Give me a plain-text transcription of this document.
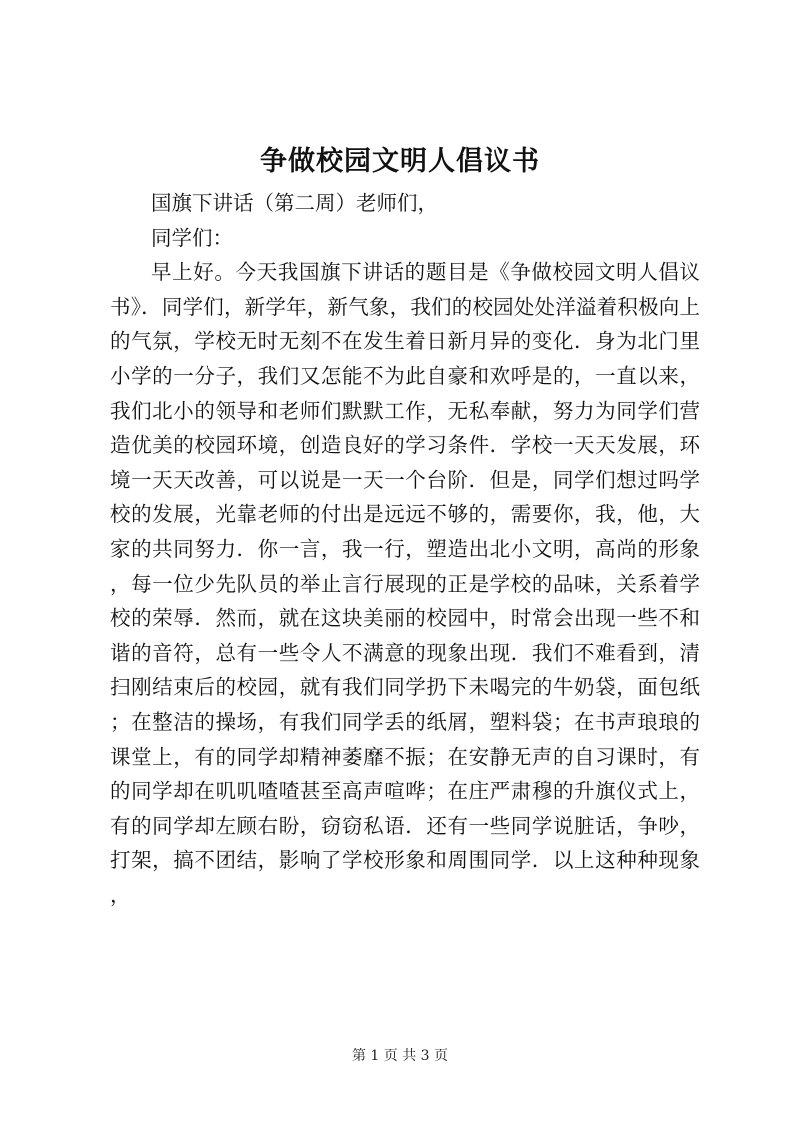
争做校园文明人倡议书

国旗下讲话（第二周）老师们，

同学们：

早上好。今天我国旗下讲话的题目是《争做校园文明人倡议书》．同学们，新学年，新气象，我们的校园处处洋溢着积极向上的气氛，学校无时无刻不在发生着日新月异的变化．身为北门里小学的一分子，我们又怎能不为此自豪和欢呼是的，一直以来，我们北小的领导和老师们默默工作，无私奉献，努力为同学们营造优美的校园环境，创造良好的学习条件．学校一天天发展，环境一天天改善，可以说是一天一个台阶．但是，同学们想过吗学校的发展，光靠老师的付出是远远不够的，需要你，我，他，大家的共同努力．你一言，我一行，塑造出北小文明，高尚的形象，每一位少先队员的举止言行展现的正是学校的品味，关系着学校的荣辱．然而，就在这块美丽的校园中，时常会出现一些不和谐的音符，总有一些令人不满意的现象出现．我们不难看到，清扫刚结束后的校园，就有我们同学扔下未喝完的牛奶袋，面包纸；在整洁的操场，有我们同学丢的纸屑，塑料袋；在书声琅琅的课堂上，有的同学却精神萎靡不振；在安静无声的自习课时，有的同学却在叽叽喳喳甚至高声喧哗；在庄严肃穆的升旗仪式上，有的同学却左顾右盼，窃窃私语．还有一些同学说脏话，争吵，打架，搞不团结，影响了学校形象和周围同学．以上这种种现象，

第 1 页 共 3 页
